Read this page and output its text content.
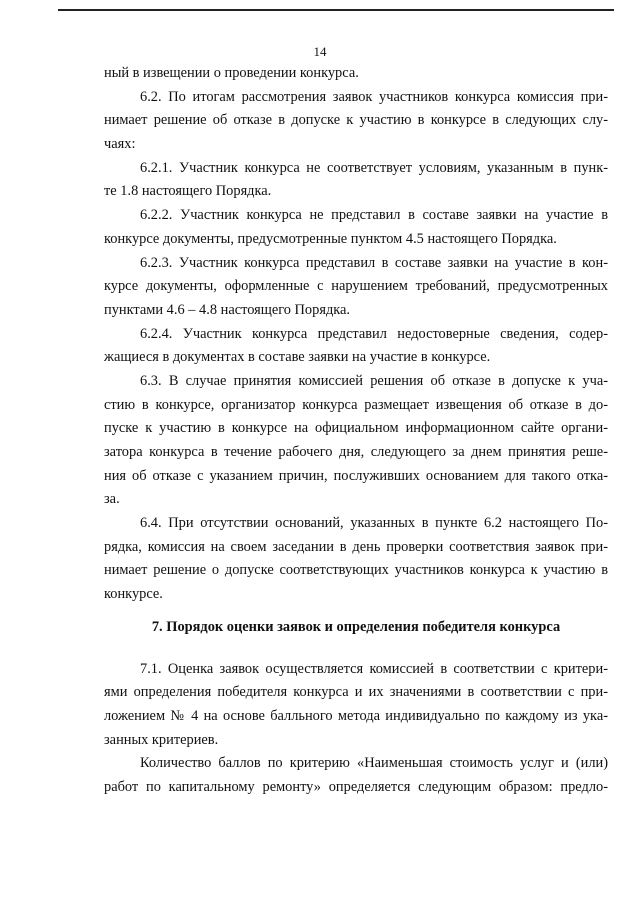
14
ный в извещении о проведении конкурса.
6.2. По итогам рассмотрения заявок участников конкурса комиссия при-
нимает решение об отказе в допуске к участию в конкурсе в следующих слу-
чаях:
6.2.1. Участник конкурса не соответствует условиям, указанным в пунк-
те 1.8 настоящего Порядка.
6.2.2. Участник конкурса не представил в составе заявки на участие в
конкурсе документы, предусмотренные пунктом 4.5 настоящего Порядка.
6.2.3. Участник конкурса представил в составе заявки на участие в кон-
курсе документы, оформленные с нарушением требований, предусмотренных
пунктами 4.6 – 4.8 настоящего Порядка.
6.2.4. Участник конкурса представил недостоверные сведения, содер-
жащиеся в документах в составе заявки на участие в конкурсе.
6.3. В случае принятия комиссией решения об отказе в допуске к уча-
стию в конкурсе, организатор конкурса размещает извещения об отказе в до-
пуске к участию в конкурсе на официальном информационном сайте органи-
затора конкурса в течение рабочего дня, следующего за днем принятия реше-
ния об отказе с указанием причин, послуживших основанием для такого отка-
за.
6.4. При отсутствии оснований, указанных в пункте 6.2 настоящего По-
рядка, комиссия на своем заседании в день проверки соответствия заявок при-
нимает решение о допуске соответствующих участников конкурса к участию в
конкурсе.
7. Порядок оценки заявок и определения победителя конкурса
7.1. Оценка заявок осуществляется комиссией в соответствии с критери-
ями определения победителя конкурса и их значениями в соответствии с при-
ложением № 4 на основе балльного метода индивидуально по каждому из ука-
занных критериев.
Количество баллов по критерию «Наименьшая стоимость услуг и (или)
работ по капитальному ремонту» определяется следующим образом: предло-
